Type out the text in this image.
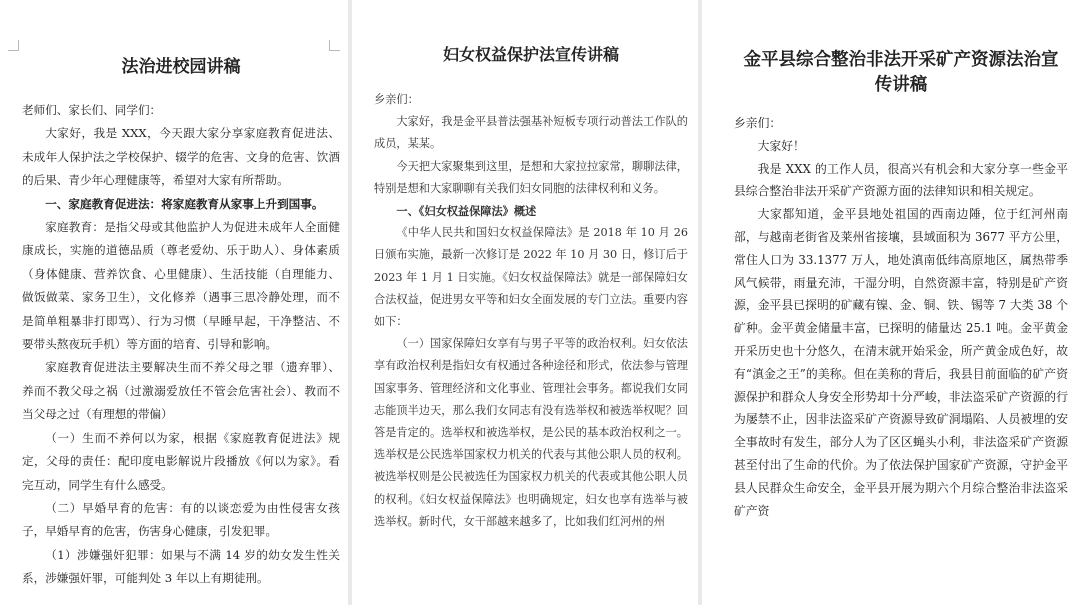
法治进校园讲稿

老师们、家长们、同学们：

大家好，我是 XXX，今天跟大家分享家庭教育促进法、未成年人保护法之学校保护、辍学的危害、文身的危害、饮酒的后果、青少年心理健康等，希望对大家有所帮助。

一、家庭教育促进法：将家庭教育从家事上升到国事。

家庭教育：是指父母或其他监护人为促进未成年人全面健康成长，实施的道德品质（尊老爱幼、乐于助人）、身体素质（身体健康、营养饮食、心里健康）、生活技能（自理能力、做饭做菜、家务卫生），文化修养（遇事三思冷静处理，而不是简单粗暴非打即骂）、行为习惯（早睡早起，干净整洁、不要带头熬夜玩手机）等方面的培育、引导和影响。

家庭教育促进法主要解决生而不养父母之罪（遗弃罪）、养而不教父母之祸（过激溺爱放任不管会危害社会）、教而不当父母之过（有理想的带偏）

（一）生而不养何以为家，根据《家庭教育促进法》规定，父母的责任：配印度电影解说片段播放《何以为家》。看完互动，同学生有什么感受。

（二）早婚早育的危害：有的以谈恋爱为由性侵害女孩子，早婚早育的危害，伤害身心健康，引发犯罪。

（1）涉嫌强奸犯罪：如果与不满 14 岁的幼女发生性关系，涉嫌强奸罪，可能判处 3 年以上有期徒刑。

妇女权益保护法宣传讲稿

乡亲们：

大家好，我是金平县普法强基补短板专项行动普法工作队的成员，某某。

今天把大家聚集到这里，是想和大家拉拉家常，聊聊法律，特别是想和大家聊聊有关我们妇女同胞的法律权利和义务。

一、《妇女权益保障法》概述

《中华人民共和国妇女权益保障法》是 2018 年 10 月 26 日颁布实施，最新一次修订是 2022 年 10 月 30 日，修订后于 2023 年 1 月 1 日实施。《妇女权益保障法》就是一部保障妇女合法权益，促进男女平等和妇女全面发展的专门立法。重要内容如下：

（一）国家保障妇女享有与男子平等的政治权利。妇女依法享有政治权利是指妇女有权通过各种途径和形式，依法参与管理国家事务、管理经济和文化事业、管理社会事务。都说我们女同志能顶半边天，那么我们女同志有没有选举权和被选举权呢？回答是肯定的。选举权和被选举权，是公民的基本政治权利之一。选举权是公民选举国家权力机关的代表与其他公职人员的权利。被选举权则是公民被选任为国家权力机关的代表或其他公职人员的权利。《妇女权益保障法》也明确规定，妇女也享有选举与被选举权。新时代，女干部越来越多了，比如我们红河州的州

金平县综合整治非法开采矿产资源法治宣传讲稿

乡亲们：

大家好！

我是 XXX 的工作人员，很高兴有机会和大家分享一些金平县综合整治非法开采矿产资源方面的法律知识和相关规定。

大家都知道，金平县地处祖国的西南边陲，位于红河州南部，与越南老街省及莱州省接壤，县域面积为 3677 平方公里，常住人口为 33.1377 万人，地处滇南低纬高原地区，属热带季风气候带，雨量充沛，干湿分明，自然资源丰富，特别是矿产资源，金平县已探明的矿藏有镍、金、铜、铁、锡等 7 大类 38 个矿种。金平黄金储量丰富，已探明的储量达 25.1 吨。金平黄金开采历史也十分悠久，在清末就开始采金，所产黄金成色好，故有“滇金之王”的美称。但在美称的背后，我县目前面临的矿产资源保护和群众人身安全形势却十分严峻，非法盗采矿产资源的行为屡禁不止，因非法盗采矿产资源导致矿洞塌陷、人员被埋的安全事故时有发生，部分人为了区区蝇头小利，非法盗采矿产资源甚至付出了生命的代价。为了依法保护国家矿产资源，守护金平县人民群众生命安全，金平县开展为期六个月综合整治非法盗采矿产资
